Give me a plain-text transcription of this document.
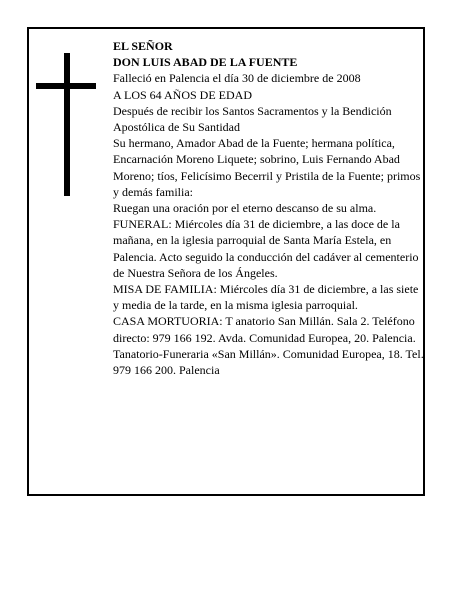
EL SEÑOR

DON LUIS ABAD DE LA FUENTE

Falleció en Palencia el día 30 de diciembre de 2008

A LOS 64 AÑOS DE EDAD

Después de recibir los Santos Sacramentos y la Bendición Apostólica de Su Santidad

Su hermano, Amador Abad de la Fuente; hermana política, Encarnación Moreno Liquete; sobrino, Luis Fernando Abad Moreno; tíos, Felicísimo Becerril y Pristila de la Fuente; primos y demás familia:

Ruegan una oración por el eterno descanso de su alma.

FUNERAL: Miércoles día 31 de diciembre, a las doce de la mañana, en la iglesia parroquial de Santa María Estela, en Palencia. Acto seguido la conducción del cadáver al cementerio de Nuestra Señora de los Ángeles.

MISA DE FAMILIA: Miércoles día 31 de diciembre, a las siete y media de la tarde, en la misma iglesia parroquial.

CASA MORTUORIA: T anatorio San Millán. Sala 2. Teléfono directo: 979 166 192. Avda. Comunidad Europea, 20. Palencia.

Tanatorio-Funeraria «San Millán». Comunidad Europea, 18. Tel. 979 166 200. Palencia
